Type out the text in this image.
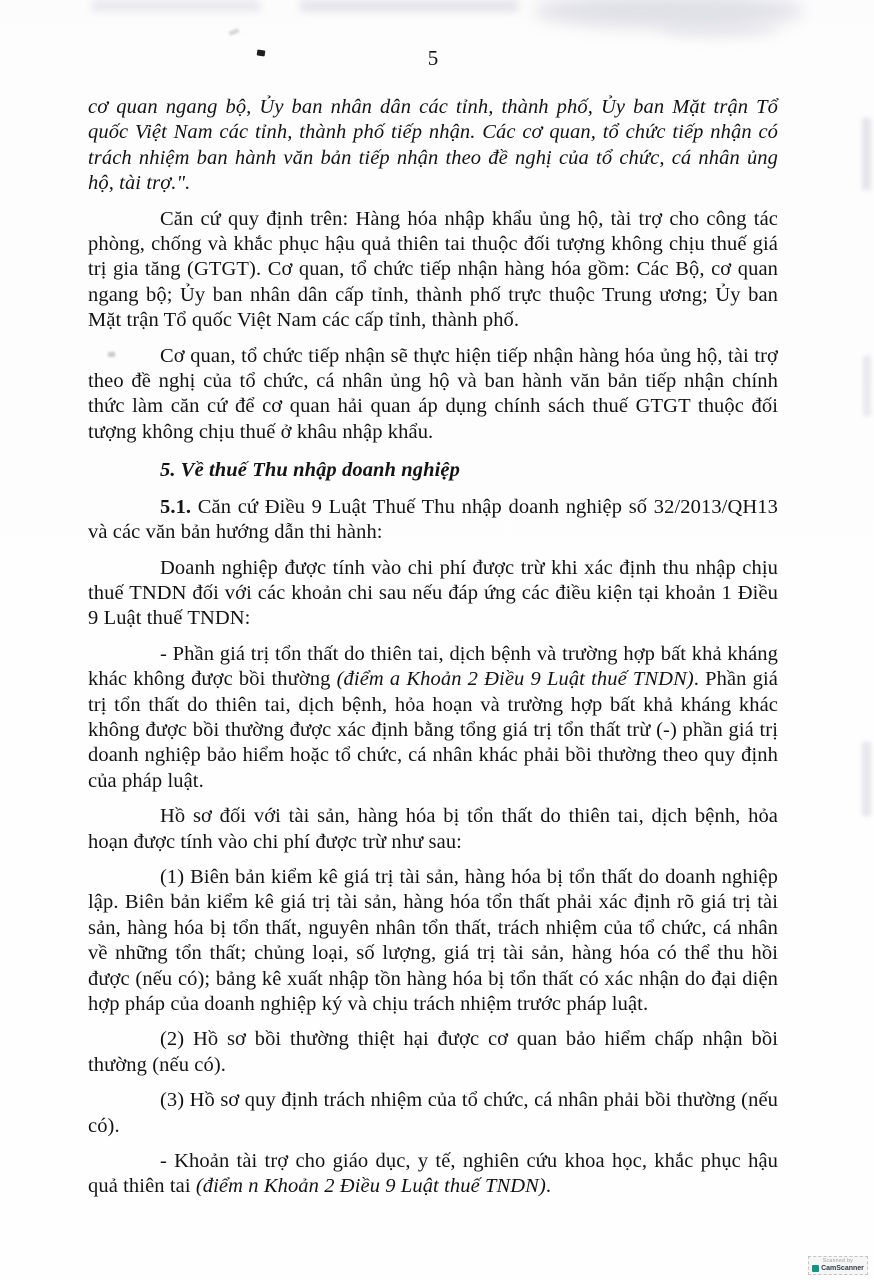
5

cơ quan ngang bộ, Ủy ban nhân dân các tỉnh, thành phố, Ủy ban Mặt trận Tổ quốc Việt Nam các tỉnh, thành phố tiếp nhận. Các cơ quan, tổ chức tiếp nhận có trách nhiệm ban hành văn bản tiếp nhận theo đề nghị của tổ chức, cá nhân ủng hộ, tài trợ.".

Căn cứ quy định trên: Hàng hóa nhập khẩu ủng hộ, tài trợ cho công tác phòng, chống và khắc phục hậu quả thiên tai thuộc đối tượng không chịu thuế giá trị gia tăng (GTGT). Cơ quan, tổ chức tiếp nhận hàng hóa gồm: Các Bộ, cơ quan ngang bộ; Ủy ban nhân dân cấp tỉnh, thành phố trực thuộc Trung ương; Ủy ban Mặt trận Tổ quốc Việt Nam các cấp tỉnh, thành phố.

Cơ quan, tổ chức tiếp nhận sẽ thực hiện tiếp nhận hàng hóa ủng hộ, tài trợ theo đề nghị của tổ chức, cá nhân ủng hộ và ban hành văn bản tiếp nhận chính thức làm căn cứ để cơ quan hải quan áp dụng chính sách thuế GTGT thuộc đối tượng không chịu thuế ở khâu nhập khẩu.

5. Về thuế Thu nhập doanh nghiệp

5.1. Căn cứ Điều 9 Luật Thuế Thu nhập doanh nghiệp số 32/2013/QH13 và các văn bản hướng dẫn thi hành:

Doanh nghiệp được tính vào chi phí được trừ khi xác định thu nhập chịu thuế TNDN đối với các khoản chi sau nếu đáp ứng các điều kiện tại khoản 1 Điều 9 Luật thuế TNDN:

- Phần giá trị tổn thất do thiên tai, dịch bệnh và trường hợp bất khả kháng khác không được bồi thường (điểm a Khoản 2 Điều 9 Luật thuế TNDN). Phần giá trị tổn thất do thiên tai, dịch bệnh, hỏa hoạn và trường hợp bất khả kháng khác không được bồi thường được xác định bằng tổng giá trị tổn thất trừ (-) phần giá trị doanh nghiệp bảo hiểm hoặc tổ chức, cá nhân khác phải bồi thường theo quy định của pháp luật.

Hồ sơ đối với tài sản, hàng hóa bị tổn thất do thiên tai, dịch bệnh, hỏa hoạn được tính vào chi phí được trừ như sau:

(1) Biên bản kiểm kê giá trị tài sản, hàng hóa bị tổn thất do doanh nghiệp lập. Biên bản kiểm kê giá trị tài sản, hàng hóa tổn thất phải xác định rõ giá trị tài sản, hàng hóa bị tổn thất, nguyên nhân tổn thất, trách nhiệm của tổ chức, cá nhân về những tổn thất; chủng loại, số lượng, giá trị tài sản, hàng hóa có thể thu hồi được (nếu có); bảng kê xuất nhập tồn hàng hóa bị tổn thất có xác nhận do đại diện hợp pháp của doanh nghiệp ký và chịu trách nhiệm trước pháp luật.

(2) Hồ sơ bồi thường thiệt hại được cơ quan bảo hiểm chấp nhận bồi thường (nếu có).

(3) Hồ sơ quy định trách nhiệm của tổ chức, cá nhân phải bồi thường (nếu có).

- Khoản tài trợ cho giáo dục, y tế, nghiên cứu khoa học, khắc phục hậu quả thiên tai (điểm n Khoản 2 Điều 9 Luật thuế TNDN).

Scanned by
CamScanner
